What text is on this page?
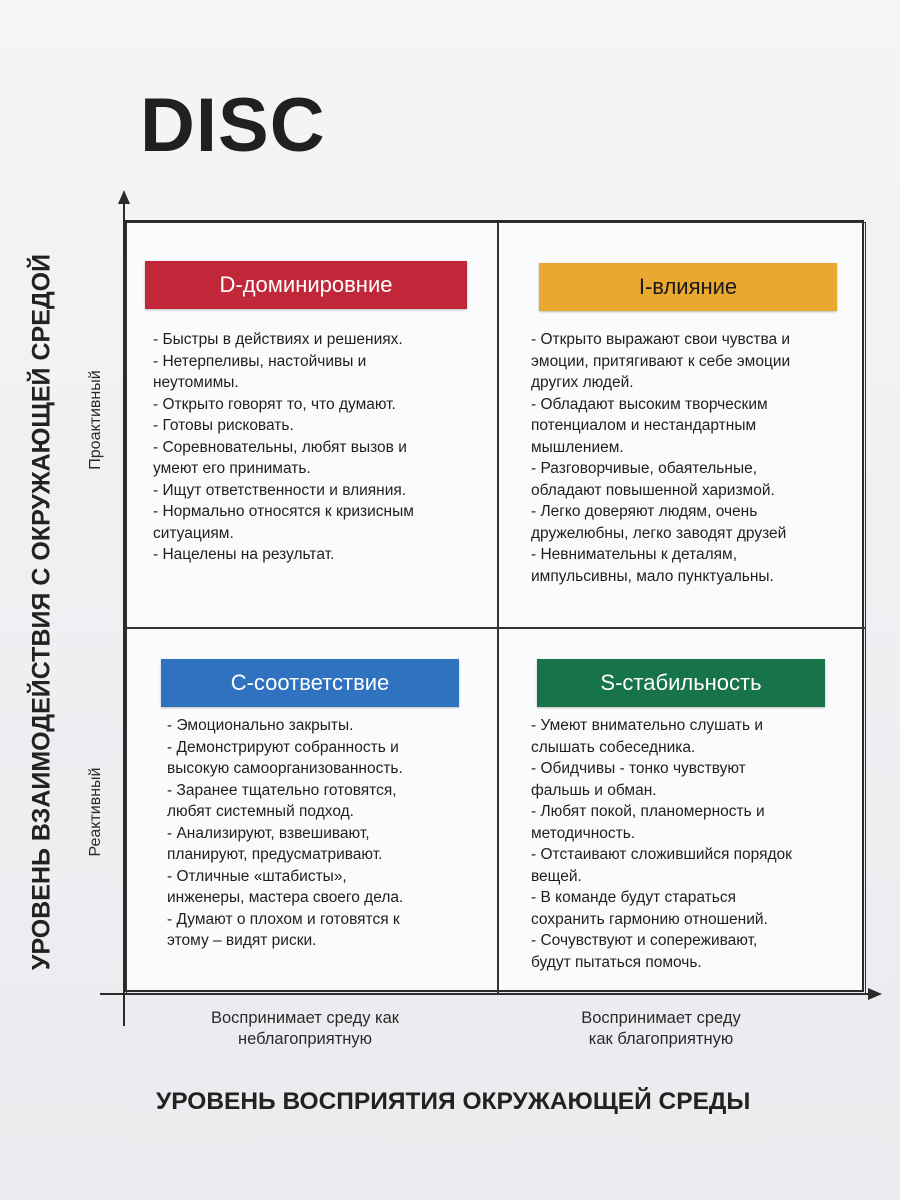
DISC
УРОВЕНЬ ВЗАИМОДЕЙСТВИЯ С ОКРУЖАЮЩЕЙ СРЕДОЙ Проактивный
Реактивный
D-доминировние
- Быстры в действиях и решениях.
- Нетерпеливы, настойчивы и
неутомимы.
- Открыто говорят то, что думают.
- Готовы рисковать.
- Соревновательны, любят вызов и
умеют его принимать.
- Ищут ответственности и влияния.
- Нормально относятся к кризисным
ситуациям.
- Нацелены на результат.
I-влияние
- Открыто выражают свои чувства и
эмоции, притягивают к себе эмоции
других людей.
- Обладают высоким творческим
потенциалом и нестандартным
мышлением.
- Разговорчивые, обаятельные,
обладают повышенной харизмой.
- Легко доверяют людям, очень
дружелюбны, легко заводят друзей
- Невнимательны к деталям,
импульсивны, мало пунктуальны.
С-соответствие
- Эмоционально закрыты.
- Демонстрируют собранность и
высокую самоорганизованность.
- Заранее тщательно готовятся,
любят системный подход.
- Анализируют, взвешивают,
планируют, предусматривают.
- Отличные «штабисты»,
инженеры, мастера своего дела.
- Думают о плохом и готовятся к
этому – видят риски.
S-стабильность
- Умеют внимательно слушать и
слышать собеседника.
- Обидчивы - тонко чувствуют
фальшь и обман.
- Любят покой, планомерность и
методичность.
- Отстаивают сложившийся порядок
вещей.
- В команде будут стараться
сохранить гармонию отношений.
- Сочувствуют и сопереживают,
будут пытаться помочь.
Воспринимает среду как
неблагоприятную
Воспринимает среду
как благоприятную
УРОВЕНЬ ВОСПРИЯТИЯ ОКРУЖАЮЩЕЙ СРЕДЫ
